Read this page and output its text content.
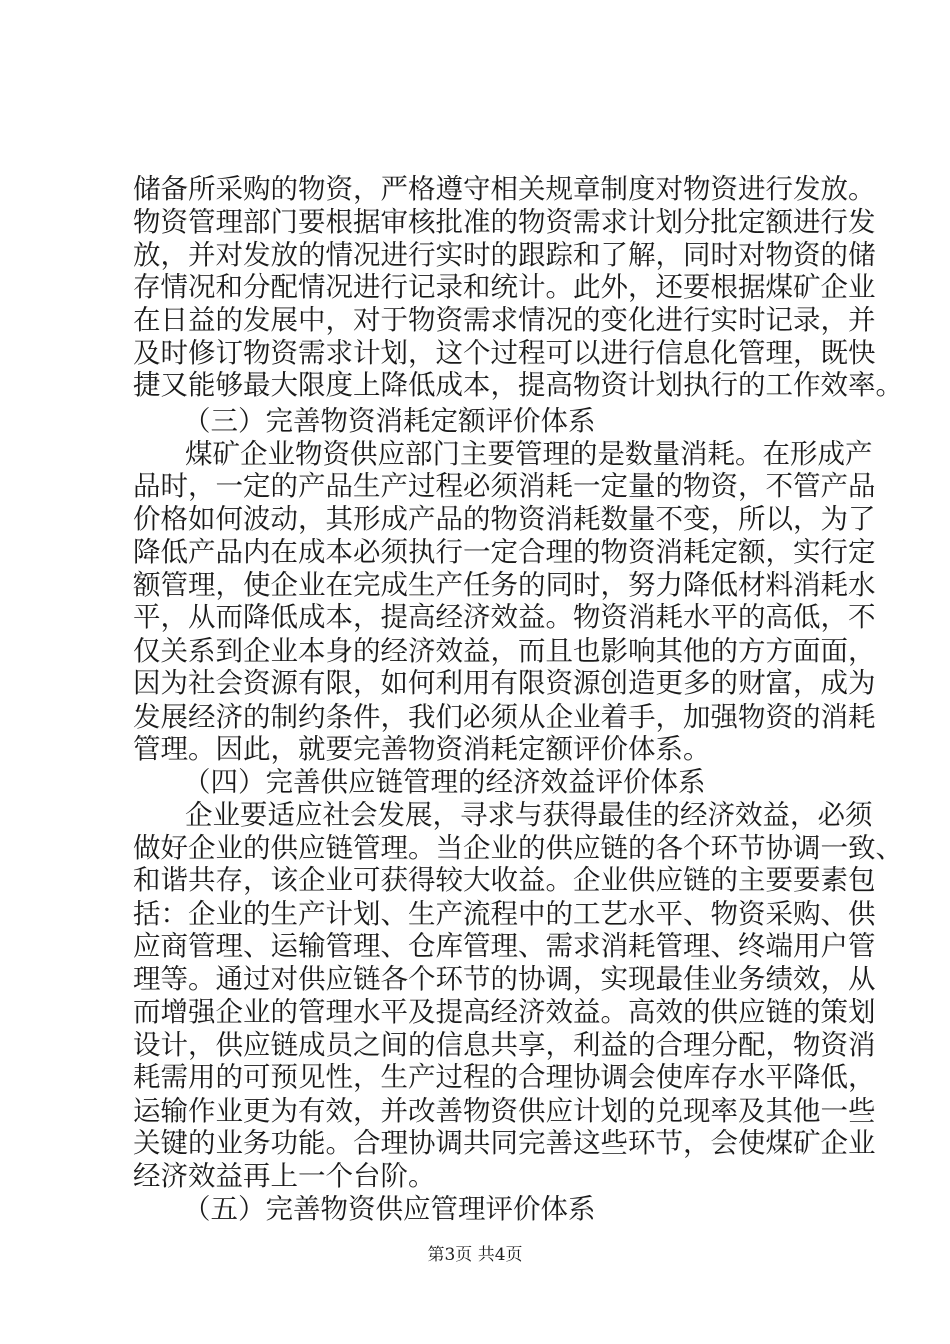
储备所采购的物资，严格遵守相关规章制度对物资进行发放。
物资管理部门要根据审核批准的物资需求计划分批定额进行发
放，并对发放的情况进行实时的跟踪和了解，同时对物资的储
存情况和分配情况进行记录和统计。此外，还要根据煤矿企业
在日益的发展中，对于物资需求情况的变化进行实时记录，并
及时修订物资需求计划，这个过程可以进行信息化管理，既快
捷又能够最大限度上降低成本，提高物资计划执行的工作效率。
（三）完善物资消耗定额评价体系
煤矿企业物资供应部门主要管理的是数量消耗。在形成产
品时，一定的产品生产过程必须消耗一定量的物资，不管产品
价格如何波动，其形成产品的物资消耗数量不变，所以，为了
降低产品内在成本必须执行一定合理的物资消耗定额，实行定
额管理，使企业在完成生产任务的同时，努力降低材料消耗水
平，从而降低成本，提高经济效益。物资消耗水平的高低，不
仅关系到企业本身的经济效益，而且也影响其他的方方面面，
因为社会资源有限，如何利用有限资源创造更多的财富，成为
发展经济的制约条件，我们必须从企业着手，加强物资的消耗
管理。因此，就要完善物资消耗定额评价体系。
（四）完善供应链管理的经济效益评价体系
企业要适应社会发展，寻求与获得最佳的经济效益，必须
做好企业的供应链管理。当企业的供应链的各个环节协调一致、
和谐共存，该企业可获得较大收益。企业供应链的主要要素包
括：企业的生产计划、生产流程中的工艺水平、物资采购、供
应商管理、运输管理、仓库管理、需求消耗管理、终端用户管
理等。通过对供应链各个环节的协调，实现最佳业务绩效，从
而增强企业的管理水平及提高经济效益。高效的供应链的策划
设计，供应链成员之间的信息共享，利益的合理分配，物资消
耗需用的可预见性，生产过程的合理协调会使库存水平降低，
运输作业更为有效，并改善物资供应计划的兑现率及其他一些
关键的业务功能。合理协调共同完善这些环节，会使煤矿企业
经济效益再上一个台阶。
（五）完善物资供应管理评价体系
第3页 共4页
